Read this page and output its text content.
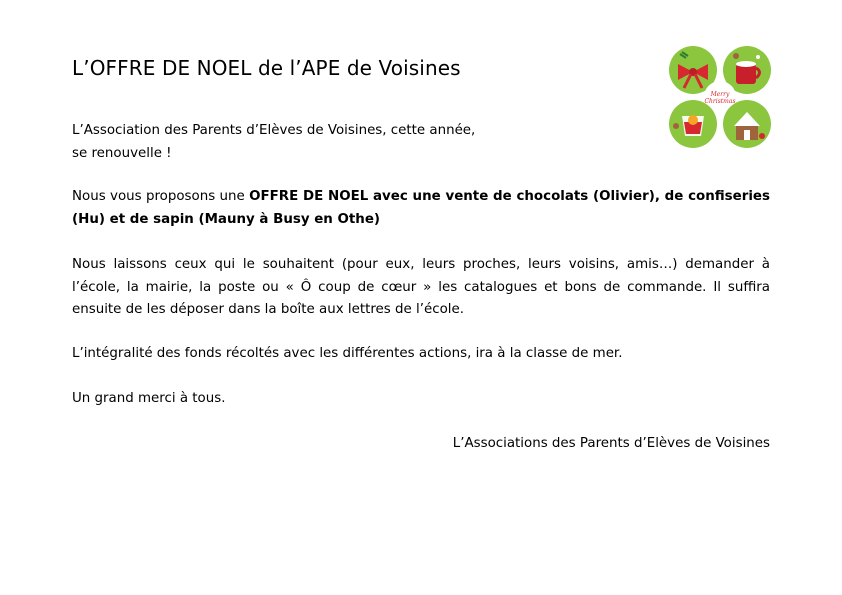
L’OFFRE DE NOEL de l’APE de Voisines

L’Association des Parents d’Elèves de Voisines, cette année,
se renouvelle !

Nous vous proposons une OFFRE DE NOEL avec une vente de chocolats (Olivier), de confiseries (Hu) et de sapin (Mauny à Busy en Othe)

Nous laissons ceux qui le souhaitent (pour eux, leurs proches, leurs voisins, amis…) demander à l’école, la mairie, la poste ou « Ô coup de cœur » les catalogues et bons de commande. Il suffira ensuite de les déposer dans la boîte aux lettres de l’école.

L’intégralité des fonds récoltés avec les différentes actions, ira à la classe de mer.

Un grand merci à tous.

L’Associations des Parents d’Elèves de Voisines

Merry
Christmas
